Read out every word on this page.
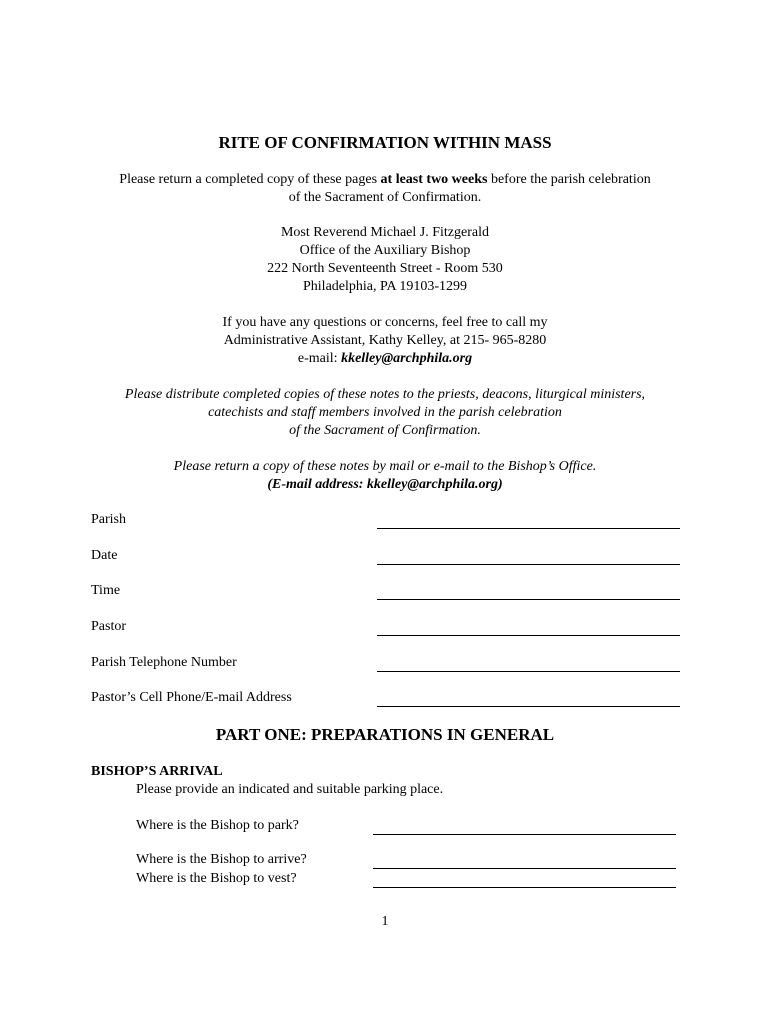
RITE OF CONFIRMATION WITHIN MASS
Please return a completed copy of these pages at least two weeks before the parish celebration
of the Sacrament of Confirmation.
Most Reverend Michael J. Fitzgerald
Office of the Auxiliary Bishop
222 North Seventeenth Street - Room 530
Philadelphia, PA 19103-1299
If you have any questions or concerns, feel free to call my
Administrative Assistant, Kathy Kelley, at 215- 965-8280
e-mail: kkelley@archphila.org
Please distribute completed copies of these notes to the priests, deacons, liturgical ministers,
catechists and staff members involved in the parish celebration
of the Sacrament of Confirmation.
Please return a copy of these notes by mail or e-mail to the Bishop’s Office.
(E-mail address: kkelley@archphila.org)
Parish
Date
Time
Pastor
Parish Telephone Number
Pastor’s Cell Phone/E-mail Address
PART ONE: PREPARATIONS IN GENERAL
BISHOP’S ARRIVAL
Please provide an indicated and suitable parking place.
Where is the Bishop to park?
Where is the Bishop to arrive?
Where is the Bishop to vest?
1
